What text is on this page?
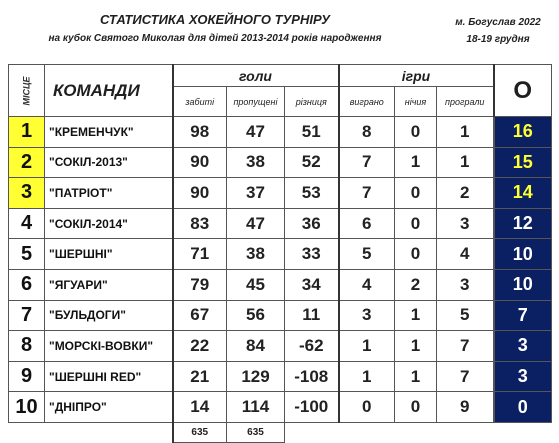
СТАТИСТИКА ХОКЕЙНОГО ТУРНІРУ
на кубок Святого Миколая для дітей 2013-2014 років народження
м. Богуслав 2022
18-19 грудня
МІСЦЕ	КОМАНДИ	голи			ігри			О
		забиті	пропущені	різниця	виграно	нічия	програли	
1	"КРЕМЕНЧУК"	98	47	51	8	0	1	16
2	"СОКІЛ-2013"	90	38	52	7	1	1	15
3	"ПАТРІОТ"	90	37	53	7	0	2	14
4	"СОКІЛ-2014"	83	47	36	6	0	3	12
5	"ШЕРШНІ"	71	38	33	5	0	4	10
6	"ЯГУАРИ"	79	45	34	4	2	3	10
7	"БУЛЬДОГИ"	67	56	11	3	1	5	7
8	"МОРСКІ-ВОВКИ"	22	84	-62	1	1	7	3
9	"ШЕРШНІ RED"	21	129	-108	1	1	7	3
10	"ДНІПРО"	14	114	-100	0	0	9	0
		635	635					
